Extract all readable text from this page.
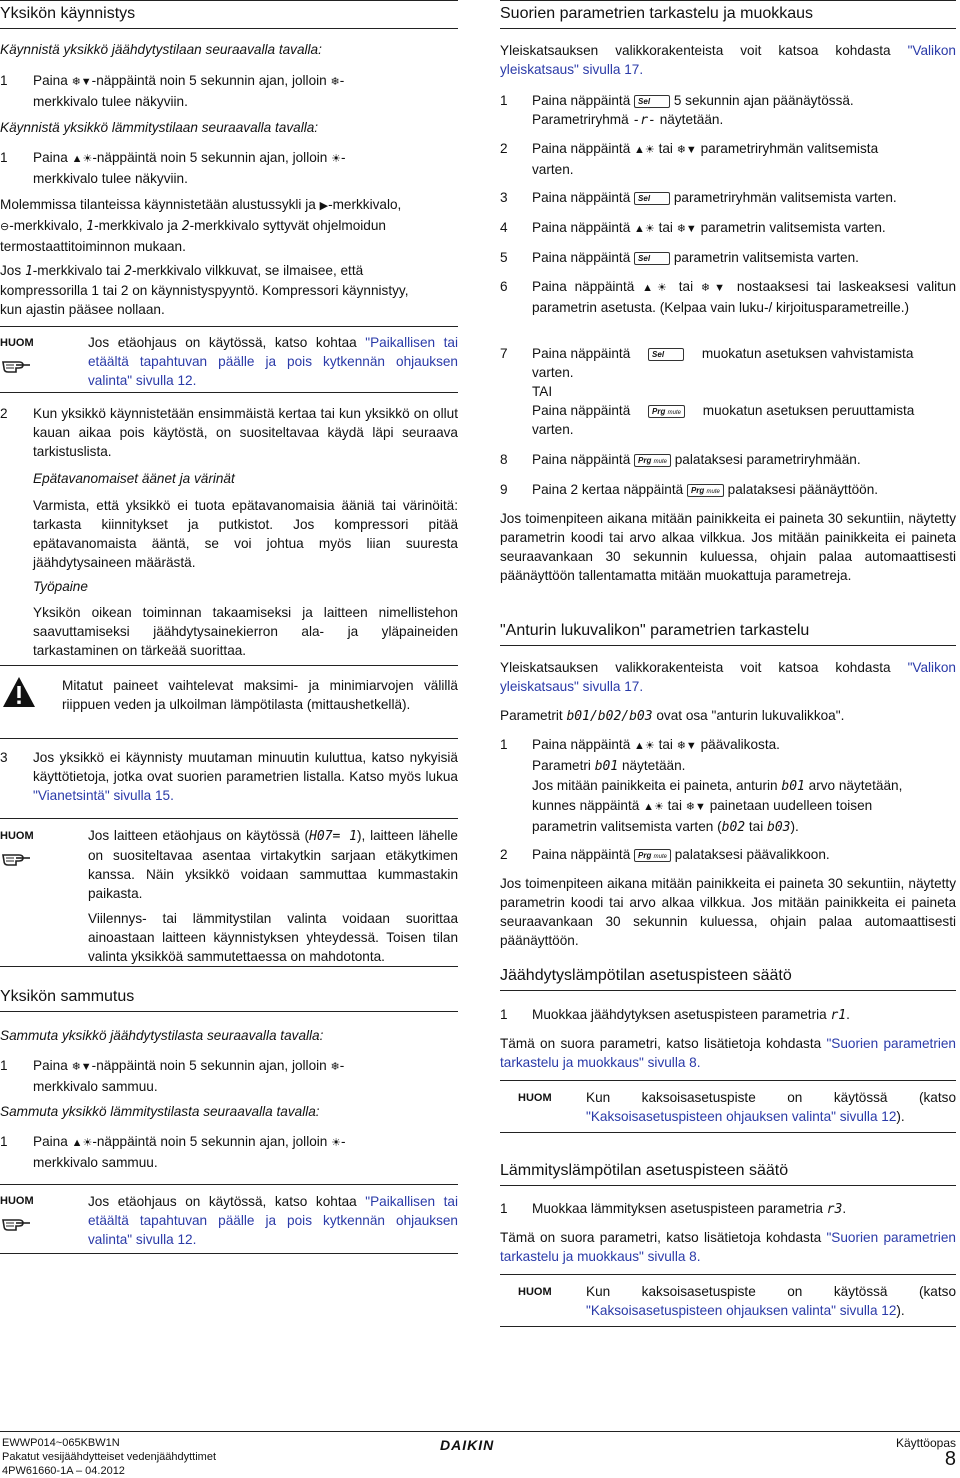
Yksikön käynnistys
Käynnistä yksikkö jäähdytystilaan seuraavalla tavalla:
1 Paina ❄▼-näppäintä noin 5 sekunnin ajan, jolloin ❄-
merkkivalo tulee näkyviin.
Käynnistä yksikkö lämmitystilaan seuraavalla tavalla:
1 Paina ▲☀-näppäintä noin 5 sekunnin ajan, jolloin ☀-
merkkivalo tulee näkyviin.
Molemmissa tilanteissa käynnistetään alustussykli ja ▶-merkkivalo,
⊖-merkkivalo, 1-merkkivalo ja 2-merkkivalo syttyvät ohjelmoidun
termostaattitoiminnon mukaan.
Jos 1-merkkivalo tai 2-merkkivalo vilkkuvat, se ilmaisee, että
kompressorilla 1 tai 2 on käynnistyspyyntö. Kompressori käynnistyy,
kun ajastin pääsee nollaan.
HUOM	Jos etäohjaus on käytössä, katso kohtaa "Paikallisen tai etäältä tapahtuvan päälle ja pois kytkennän ohjauksen valinta" sivulla 12.
2 Kun yksikkö käynnistetään ensimmäistä kertaa tai kun yksikkö on ollut kauan aikaa pois käytöstä, on suositeltavaa käydä läpi seuraava tarkistuslista.
Epätavanomaiset äänet ja värinät
Varmista, että yksikkö ei tuota epätavanomaisia ääniä tai värinöitä: tarkasta kiinnitykset ja putkistot. Jos kompressori pitää epätavanomaista ääntä, se voi johtua myös liian suuresta jäähdytysaineen määrästä.
Työpaine
Yksikön oikean toiminnan takaamiseksi ja laitteen nimellistehon saavuttamiseksi jäähdytysainekierron ala- ja yläpaineiden tarkastaminen on tärkeää suorittaa.
Mitatut paineet vaihtelevat maksimi- ja minimiarvojen välillä riippuen veden ja ulkoilman lämpötilasta (mittaushetkellä).
3 Jos yksikkö ei käynnisty muutaman minuutin kuluttua, katso nykyisiä käyttötietoja, jotka ovat suorien parametrien listalla. Katso myös lukua "Vianetsintä" sivulla 15.
HUOM	Jos laitteen etäohjaus on käytössä (H07= 1), laitteen lähelle on suositeltavaa asentaa virtakytkin sarjaan etäkytkimen kanssa. Näin yksikkö voidaan sammuttaa kummastakin paikasta.
Viilennys- tai lämmitystilan valinta voidaan suorittaa ainoastaan laitteen käynnistyksen yhteydessä. Toisen tilan valinta yksikköä sammutettaessa on mahdotonta.
Yksikön sammutus
Sammuta yksikkö jäähdytystilasta seuraavalla tavalla:
1 Paina ❄▼-näppäintä noin 5 sekunnin ajan, jolloin ❄-
merkkivalo sammuu.
Sammuta yksikkö lämmitystilasta seuraavalla tavalla:
1 Paina ▲☀-näppäintä noin 5 sekunnin ajan, jolloin ☀-
merkkivalo sammuu.
HUOM	Jos etäohjaus on käytössä, katso kohtaa "Paikallisen tai etäältä tapahtuvan päälle ja pois kytkennän ohjauksen valinta" sivulla 12.
Suorien parametrien tarkastelu ja muokkaus
Yleiskatsauksen valikkorakenteista voit katsoa kohdasta "Valikon yleiskatsaus" sivulla 17.
1 Paina näppäintä Sel 5 sekunnin ajan päänäytössä.
Parametriryhmä -r- näytetään.
2 Paina näppäintä ▲☀ tai ❄▼ parametriryhmän valitsemista
varten.
3 Paina näppäintä Sel parametriryhmän valitsemista varten.
4 Paina näppäintä ▲☀ tai ❄▼ parametrin valitsemista varten.
5 Paina näppäintä Sel parametrin valitsemista varten.
6 Paina näppäintä ▲☀ tai ❄▼ nostaaksesi tai laskeaksesi valitun parametrin asetusta. (Kelpaa vain luku-/ kirjoitusparametreille.)
7 Paina näppäintä	Sel	muokatun asetuksen vahvistamista
varten.
TAI
Paina näppäintä	Prg mute muokatun asetuksen peruuttamista
varten.
8 Paina näppäintä Prg mute palataksesi parametriryhmään.
9 Paina 2 kertaa näppäintä Prg mute palataksesi päänäyttöön.
Jos toimenpiteen aikana mitään painikkeita ei paineta 30 sekuntiin, näytetty parametrin koodi tai arvo alkaa vilkkua. Jos mitään painikkeita ei paineta seuraavankaan 30 sekunnin kuluessa, ohjain palaa automaattisesti päänäyttöön tallentamatta mitään muokattuja parametreja.
"Anturin lukuvalikon" parametrien tarkastelu
Yleiskatsauksen valikkorakenteista voit katsoa kohdasta "Valikon yleiskatsaus" sivulla 17.
Parametrit b01/b02/b03 ovat osa "anturin lukuvalikkoa".
1 Paina näppäintä ▲☀ tai ❄▼ päävalikosta.
Parametri b01 näytetään.
Jos mitään painikkeita ei paineta, anturin b01 arvo näytetään,
kunnes näppäintä ▲☀ tai ❄▼ painetaan uudelleen toisen
parametrin valitsemista varten (b02 tai b03).
2 Paina näppäintä Prg mute palataksesi päävalikkoon.
Jos toimenpiteen aikana mitään painikkeita ei paineta 30 sekuntiin, näytetty parametrin koodi tai arvo alkaa vilkkua. Jos mitään painikkeita ei paineta seuraavankaan 30 sekunnin kuluessa, ohjain palaa automaattisesti päänäyttöön.
Jäähdytyslämpötilan asetuspisteen säätö
1 Muokkaa jäähdytyksen asetuspisteen parametria r1.
Tämä on suora parametri, katso lisätietoja kohdasta "Suorien parametrien tarkastelu ja muokkaus" sivulla 8.
HUOM	Kun kaksoisasetuspiste on käytössä (katso "Kaksoisasetuspisteen ohjauksen valinta" sivulla 12).
Lämmityslämpötilan asetuspisteen säätö
1 Muokkaa lämmityksen asetuspisteen parametria r3.
Tämä on suora parametri, katso lisätietoja kohdasta "Suorien parametrien tarkastelu ja muokkaus" sivulla 8.
HUOM	Kun kaksoisasetuspiste on käytössä (katso "Kaksoisasetuspisteen ohjauksen valinta" sivulla 12).
EWWP014~065KBW1N
Pakatut vesijäähdytteiset vedenjäähdyttimet
4PW61660-1A – 04.2012
DAIKIN	Käyttöopas
8
